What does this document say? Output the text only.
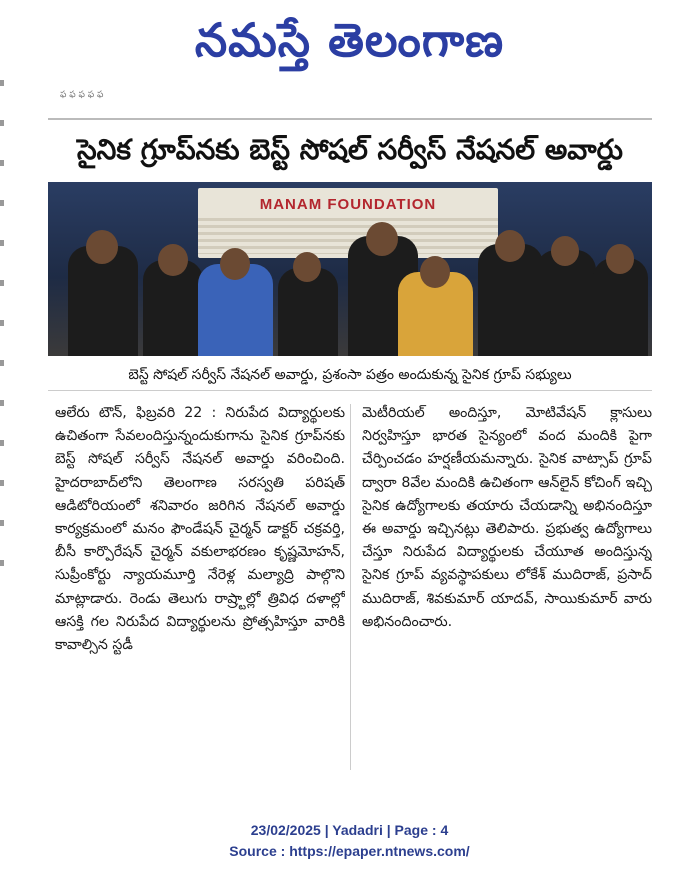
నమస్తే తెలంగాణ
ఫ ఫ ఫ ఫ ఫ
సైనిక గ్రూప్‌నకు బెస్ట్ సోషల్ సర్వీస్ నేషనల్ అవార్డు
MANAM FOUNDATION
బెస్ట్ సోషల్ సర్వీస్ నేషనల్ అవార్డు, ప్రశంసా పత్రం అందుకున్న సైనిక గ్రూప్ సభ్యులు
ఆలేరు టౌన్, ఫిబ్రవరి 22 : నిరుపేద విద్యార్థులకు ఉచితంగా సేవలందిస్తున్నందుకుగాను సైనిక గ్రూప్‌నకు బెస్ట్ సోషల్ సర్వీస్ నేషనల్ అవార్డు వరించింది. హైదరాబాద్‌లోని తెలంగాణ సరస్వతి పరిషత్ ఆడిటోరియంలో శనివారం జరిగిన నేషనల్ అవార్డు కార్యక్రమంలో మనం ఫౌండేషన్ చైర్మన్ డాక్టర్ చక్రవర్తి, బీసీ కార్పొరేషన్ చైర్మన్ వకులాభరణం కృష్ణమోహన్, సుప్రీంకోర్టు న్యాయమూర్తి నేరెళ్ల మల్యాద్రి పాల్గొని మాట్లాడారు. రెండు తెలుగు రాష్ర్టాల్లో త్రివిధ దళాల్లో ఆసక్తి గల నిరుపేద విద్యార్థులను ప్రోత్సహిస్తూ వారికి కావాల్సిన స్టడీ
మెటీరియల్ అందిస్తూ, మోటివేషన్ క్లాసులు నిర్వహిస్తూ భారత సైన్యంలో వంద మందికి పైగా చేర్పించడం హర్షణీయమన్నారు. సైనిక వాట్సాప్ గ్రూప్ ద్వారా 8వేల మందికి ఉచితంగా ఆన్‌లైన్ కోచింగ్ ఇచ్చి సైనిక ఉద్యోగాలకు తయారు చేయడాన్ని అభినందిస్తూ ఈ అవార్డు ఇచ్చినట్లు తెలిపారు. ప్రభుత్వ ఉద్యోగాలు చేస్తూ నిరుపేద విద్యార్థులకు చేయూత అందిస్తున్న సైనిక గ్రూప్ వ్యవస్థాపకులు లోకేశ్ ముదిరాజ్, ప్రసాద్ ముదిరాజ్, శివకుమార్ యాదవ్, సాయికుమార్ వారు అభినందించారు.
23/02/2025 | Yadadri | Page : 4
Source : https://epaper.ntnews.com/
